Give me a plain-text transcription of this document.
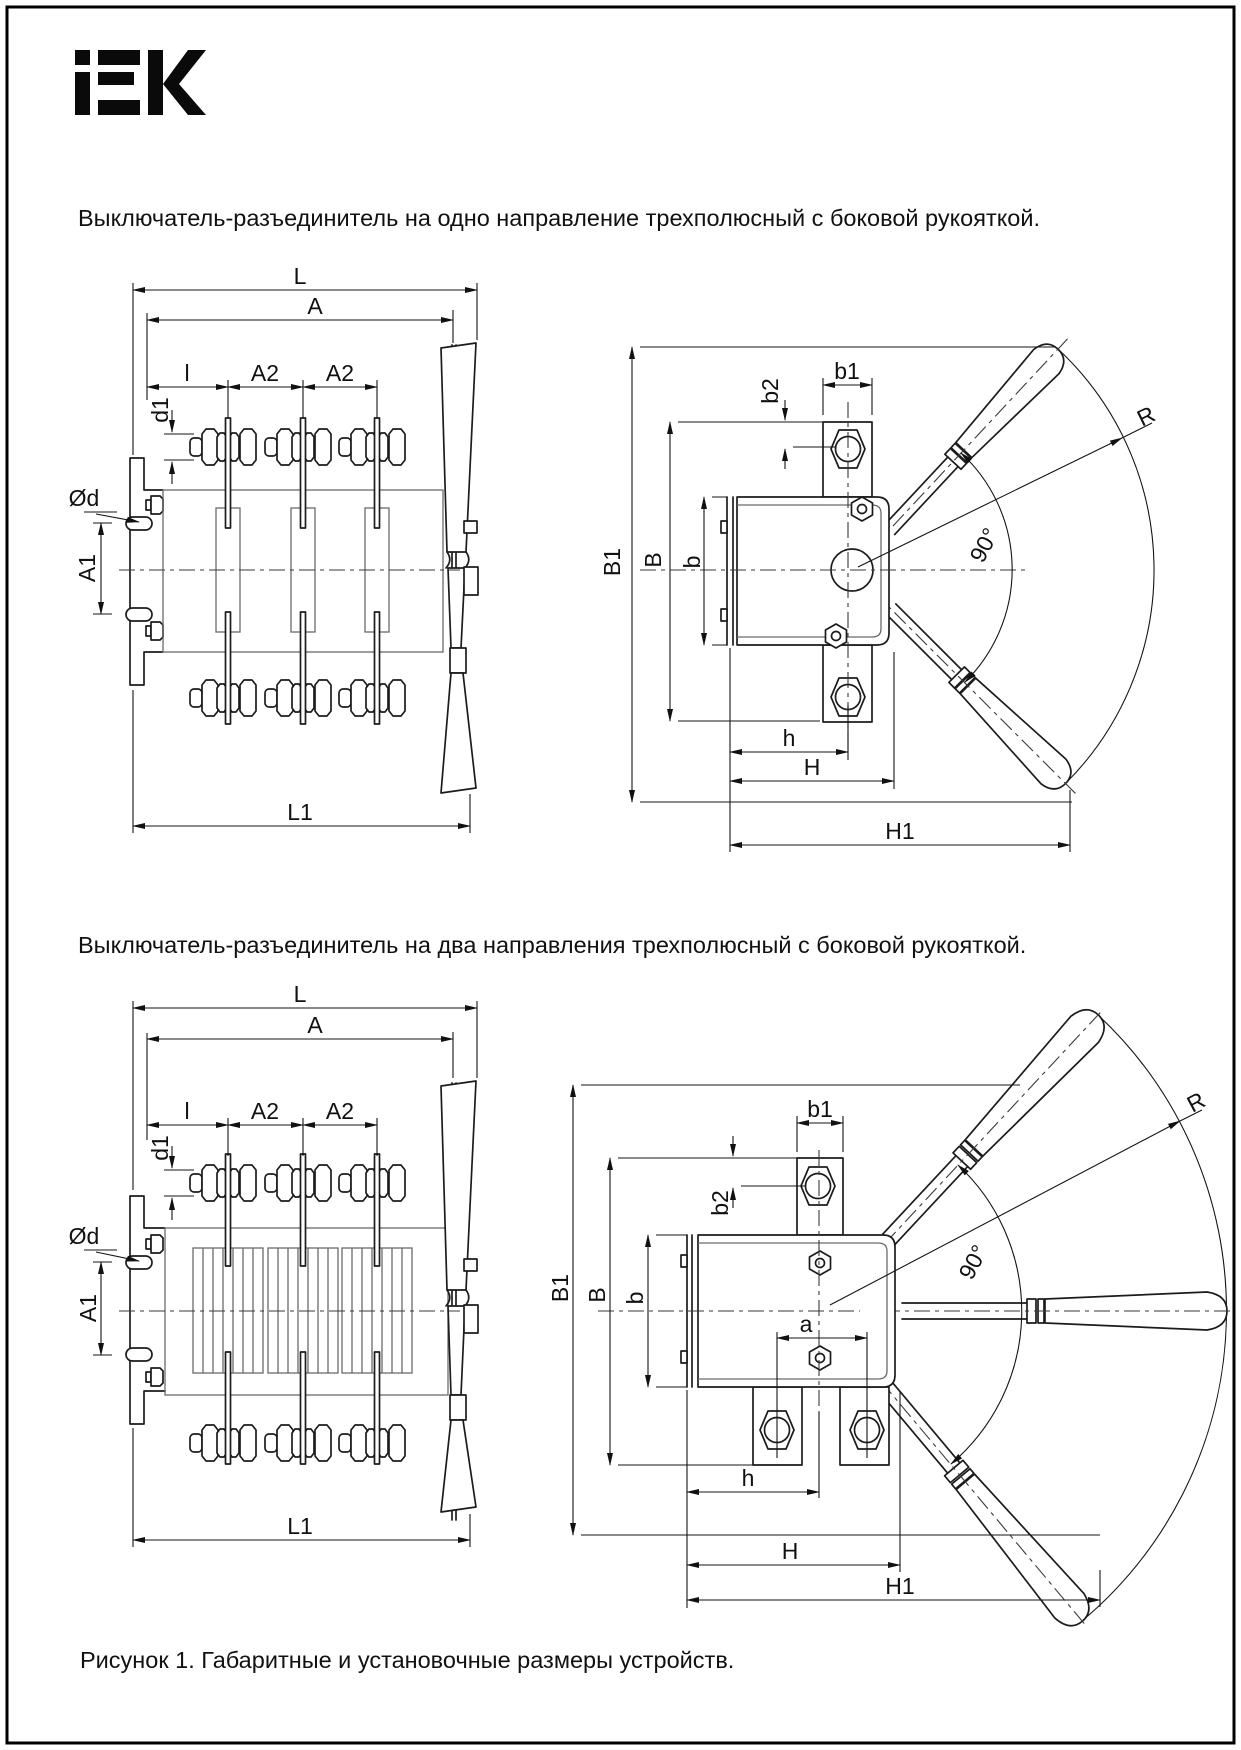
Выключатель-разъединитель на одно направление трехполюсный с боковой рукояткой.
Выключатель-разъединитель на два направления трехполюсный с боковой рукояткой.
Рисунок 1. Габаритные и установочные размеры устройств.
L
A
l	A2 A2
d1
Ød
A1
L1
b1
b2
B1 B b	90°
R
h
H
H1
L
A
l	A2 A2
d1
Ød
A1
L1
b1
b2
B1 B b
a
90°
R
h
H
H1
